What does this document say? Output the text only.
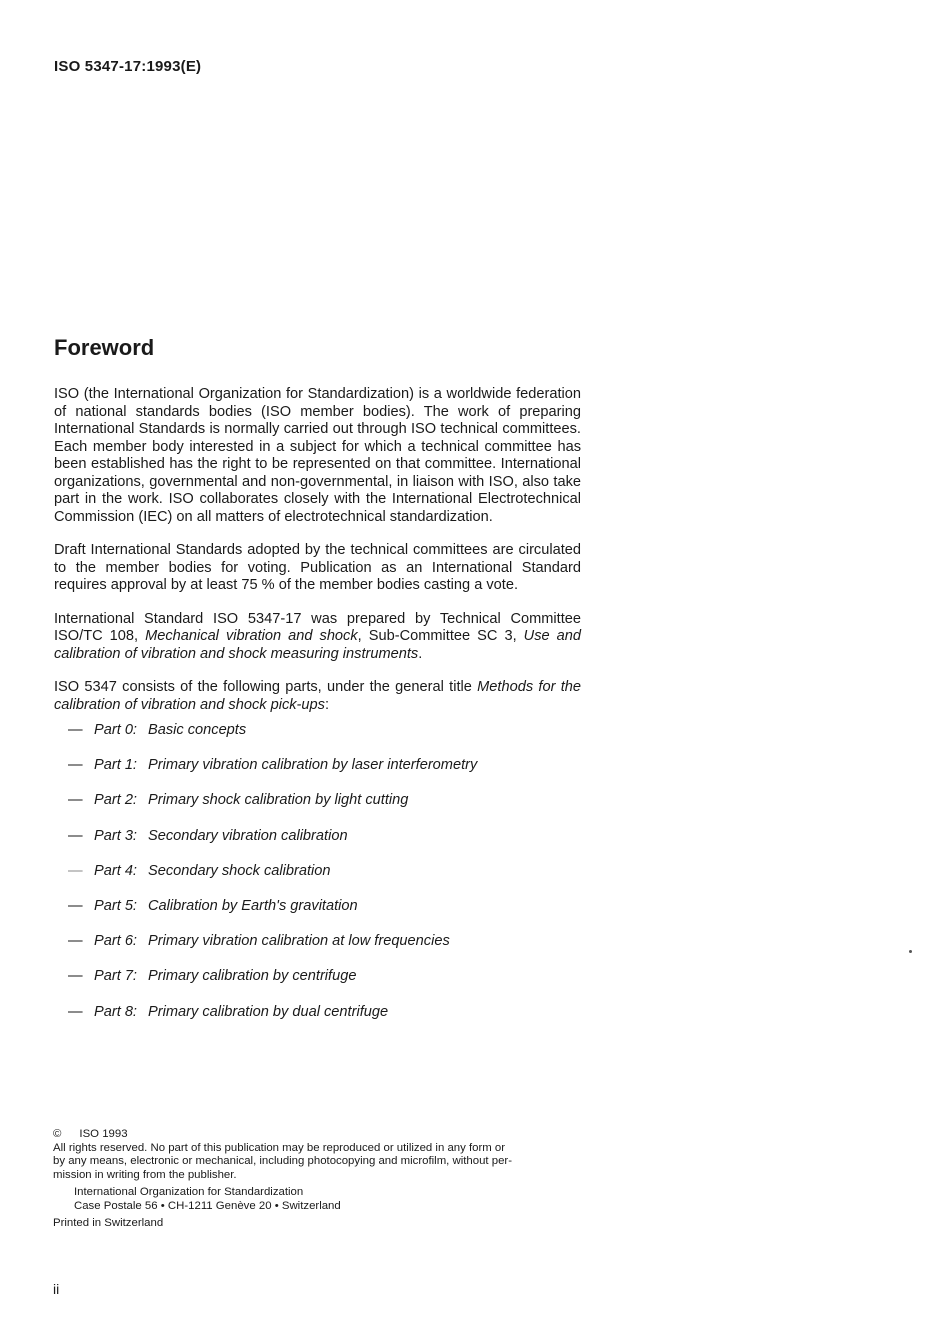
ISO 5347-17:1993(E)
Foreword

ISO (the International Organization for Standardization) is a worldwide federation of national standards bodies (ISO member bodies). The work of preparing International Standards is normally carried out through ISO technical committees. Each member body interested in a subject for which a technical committee has been established has the right to be represented on that committee. International organizations, governmental and non-governmental, in liaison with ISO, also take part in the work. ISO collaborates closely with the International Electrotechnical Commission (IEC) on all matters of electrotechnical standardization.

Draft International Standards adopted by the technical committees are circulated to the member bodies for voting. Publication as an International Standard requires approval by at least 75 % of the member bodies casting a vote.

International Standard ISO 5347-17 was prepared by Technical Committee ISO/TC 108, Mechanical vibration and shock, Sub-Committee SC 3, Use and calibration of vibration and shock measuring instruments.

ISO 5347 consists of the following parts, under the general title Methods for the calibration of vibration and shock pick-ups:

— Part 0: Basic concepts
— Part 1: Primary vibration calibration by laser interferometry
— Part 2: Primary shock calibration by light cutting
— Part 3: Secondary vibration calibration
— Part 4: Secondary shock calibration
— Part 5: Calibration by Earth's gravitation
— Part 6: Primary vibration calibration at low frequencies
— Part 7: Primary calibration by centrifuge
— Part 8: Primary calibration by dual centrifuge
© ISO 1993
All rights reserved. No part of this publication may be reproduced or utilized in any form or
by any means, electronic or mechanical, including photocopying and microfilm, without per-
mission in writing from the publisher.
International Organization for Standardization
Case Postale 56 • CH-1211 Genève 20 • Switzerland
Printed in Switzerland
ii
